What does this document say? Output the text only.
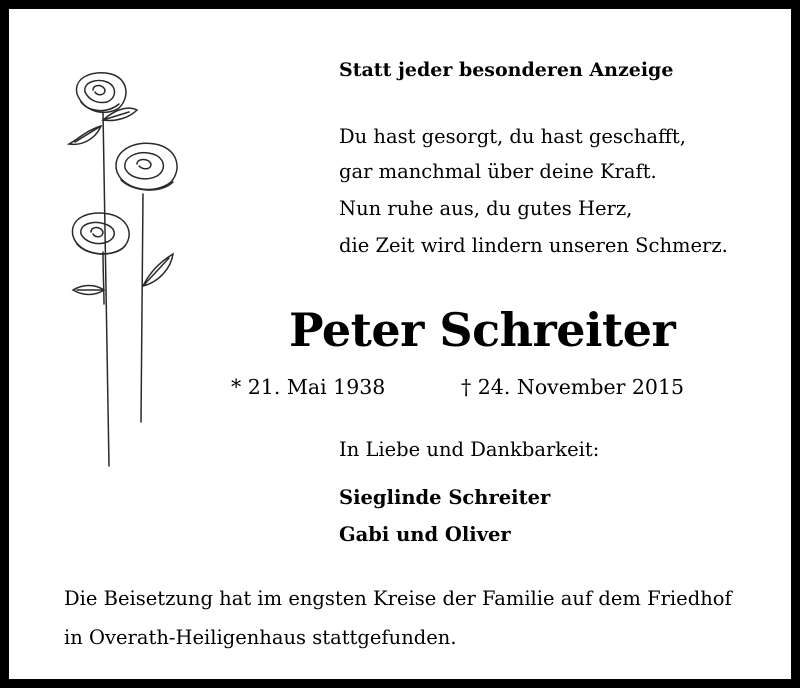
Statt jeder besonderen Anzeige
Du hast gesorgt, du hast geschafft,
gar manchmal über deine Kraft.
Nun ruhe aus, du gutes Herz,
die Zeit wird lindern unseren Schmerz.
Peter Schreiter
* 21. Mai 1938	† 24. November 2015
In Liebe und Dankbarkeit:
Sieglinde Schreiter
Gabi und Oliver
Die Beisetzung hat im engsten Kreise der Familie auf dem Friedhof
in Overath-Heiligenhaus stattgefunden.
